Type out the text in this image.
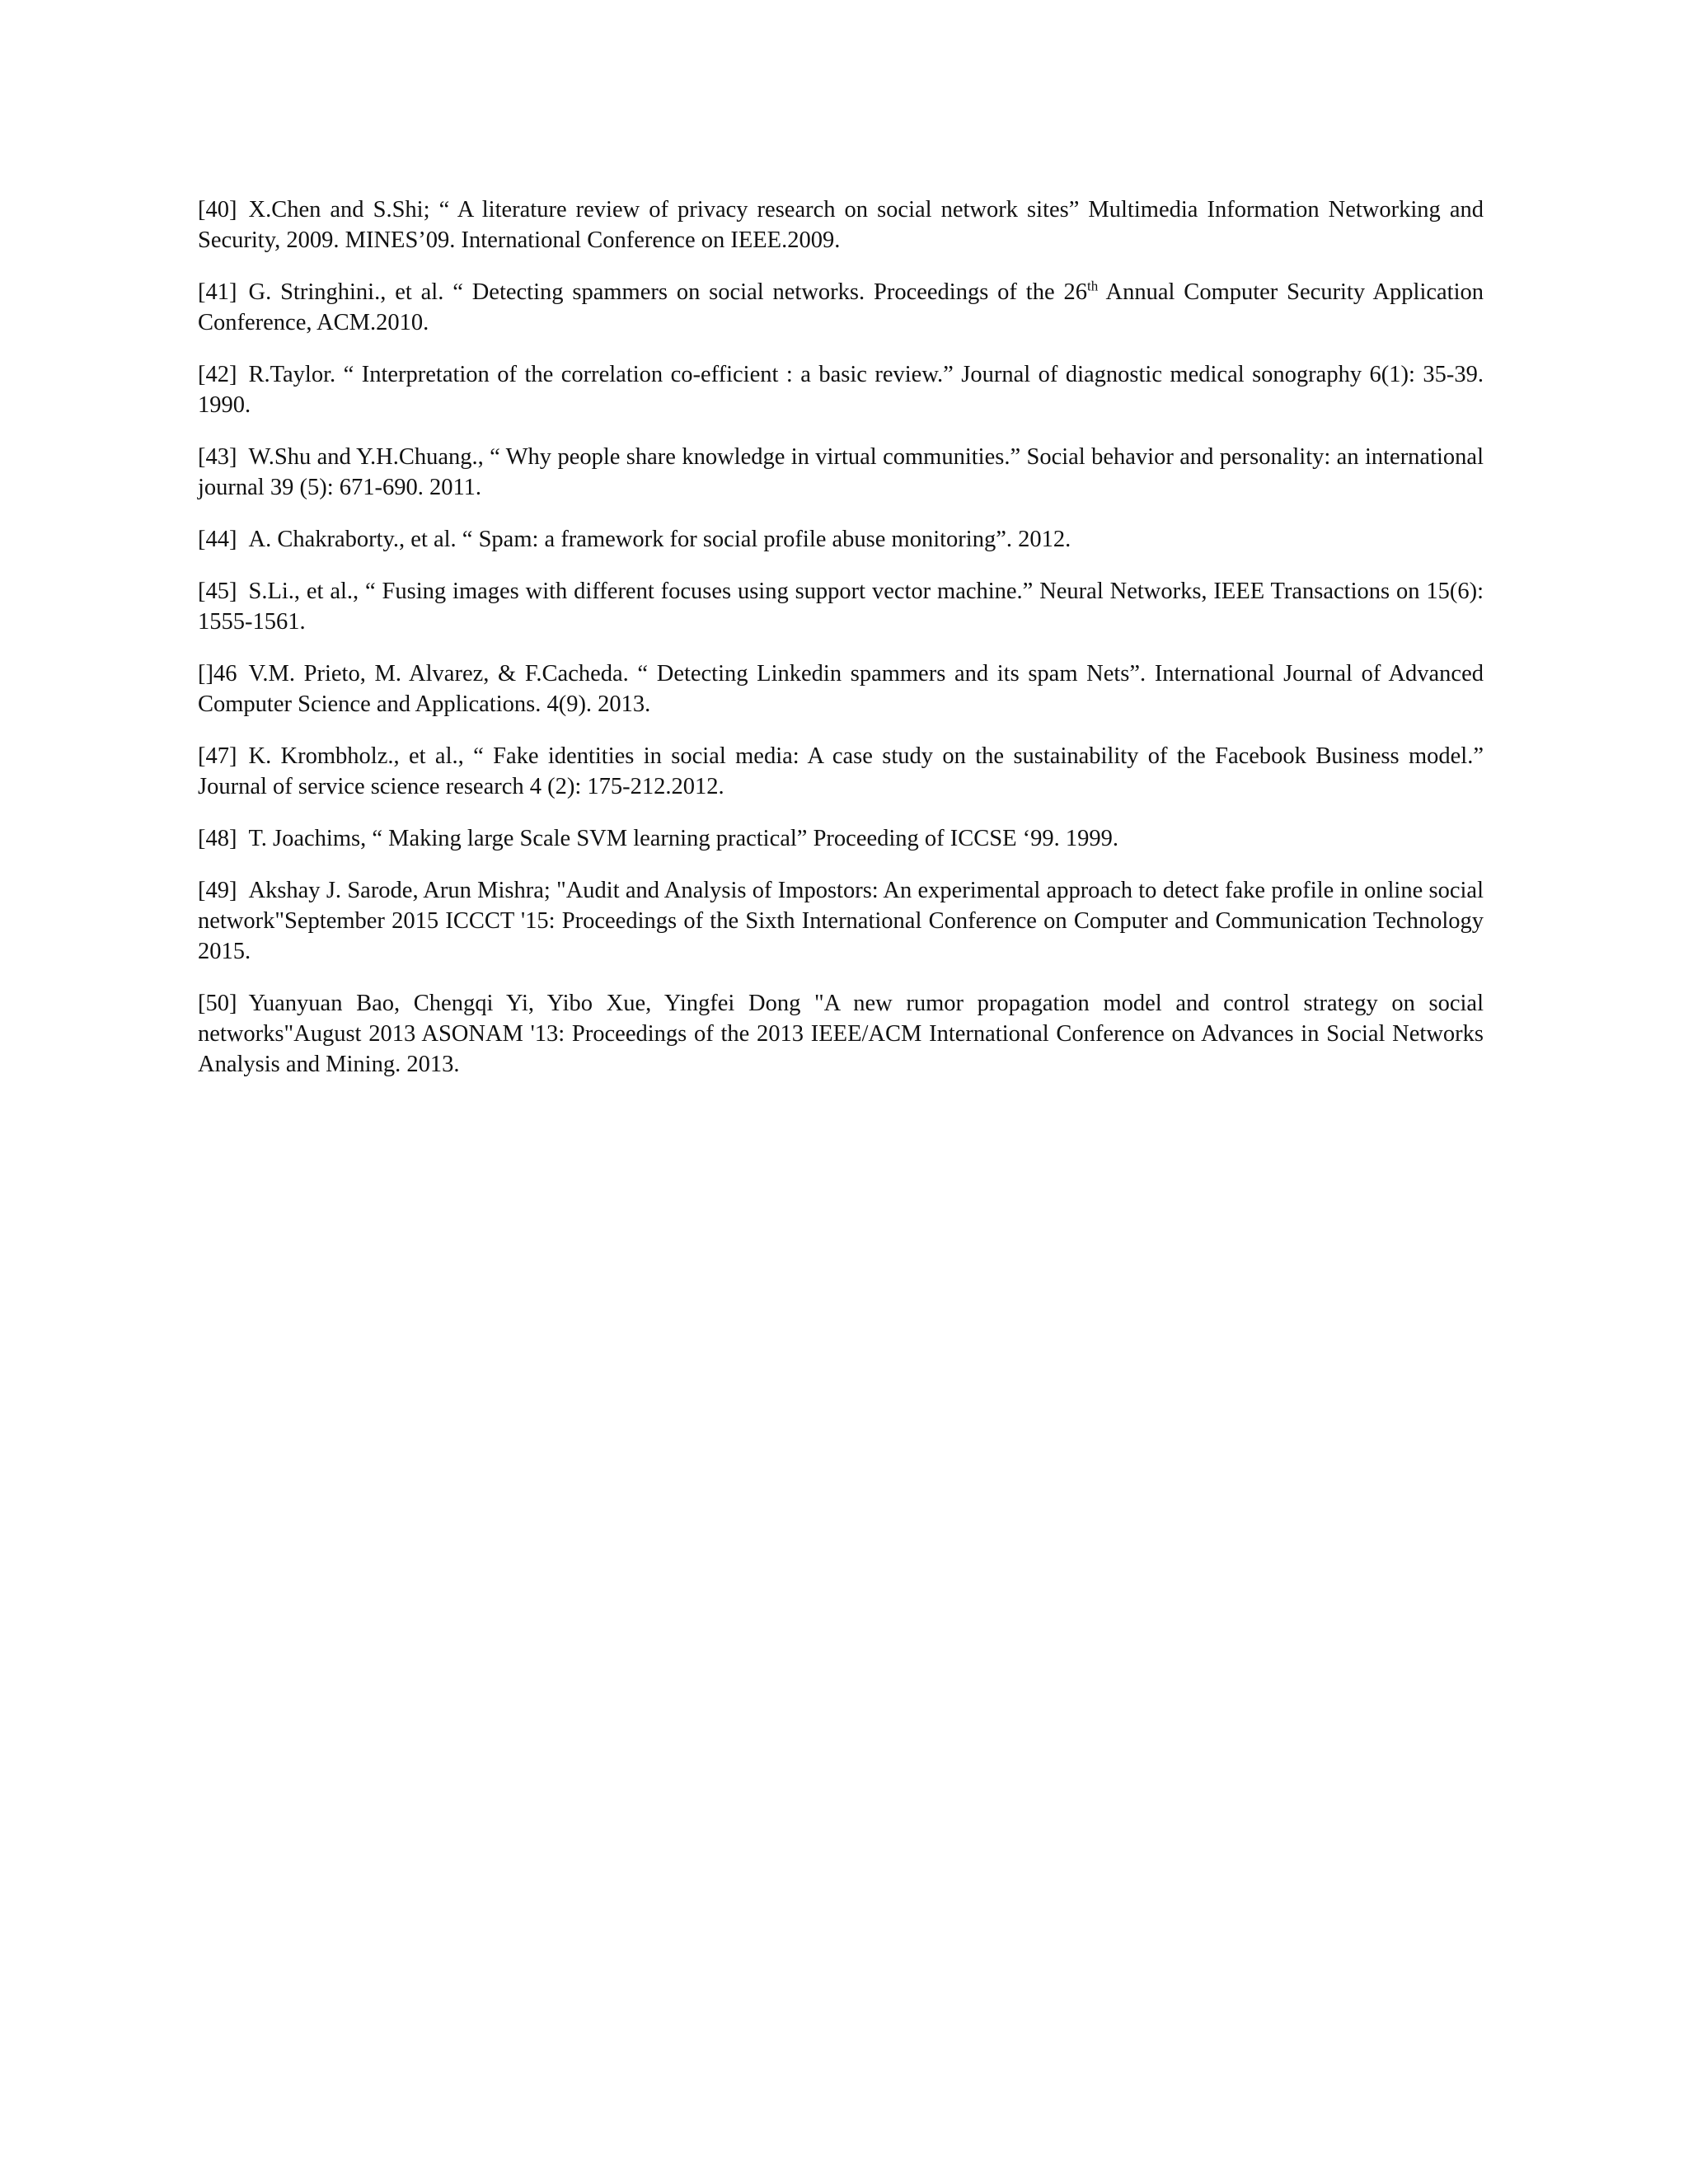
[40] X.Chen and S.Shi; “ A literature review of privacy research on social network sites” Multimedia Information Networking and Security, 2009. MINES’09. International Conference on IEEE.2009.

[41] G. Stringhini., et al. “ Detecting spammers on social networks. Proceedings of the 26th Annual Computer Security Application Conference, ACM.2010.

[42] R.Taylor. “ Interpretation of the correlation co-efficient : a basic review.” Journal of diagnostic medical sonography 6(1): 35-39. 1990.

[43] W.Shu and Y.H.Chuang., “ Why people share knowledge in virtual communities.” Social behavior and personality: an international journal 39 (5): 671-690. 2011.

[44] A. Chakraborty., et al. “ Spam: a framework for social profile abuse monitoring”. 2012.

[45] S.Li., et al., “ Fusing images with different focuses using support vector machine.” Neural Networks, IEEE Transactions on 15(6): 1555-1561.

[]46 V.M. Prieto, M. Alvarez, & F.Cacheda. “ Detecting Linkedin spammers and its spam Nets”. International Journal of Advanced Computer Science and Applications. 4(9). 2013.

[47] K. Krombholz., et al., “ Fake identities in social media: A case study on the sustainability of the Facebook Business model.” Journal of service science research 4 (2): 175-212.2012.

[48] T. Joachims, “ Making large Scale SVM learning practical” Proceeding of ICCSE ‘99. 1999.

[49] Akshay J. Sarode, Arun Mishra; "Audit and Analysis of Impostors: An experimental approach to detect fake profile in online social network"September 2015 ICCCT '15: Proceedings of the Sixth International Conference on Computer and Communication Technology 2015.

[50] Yuanyuan Bao, Chengqi Yi, Yibo Xue, Yingfei Dong "A new rumor propagation model and control strategy on social networks"August 2013 ASONAM '13: Proceedings of the 2013 IEEE/ACM International Conference on Advances in Social Networks Analysis and Mining. 2013.
